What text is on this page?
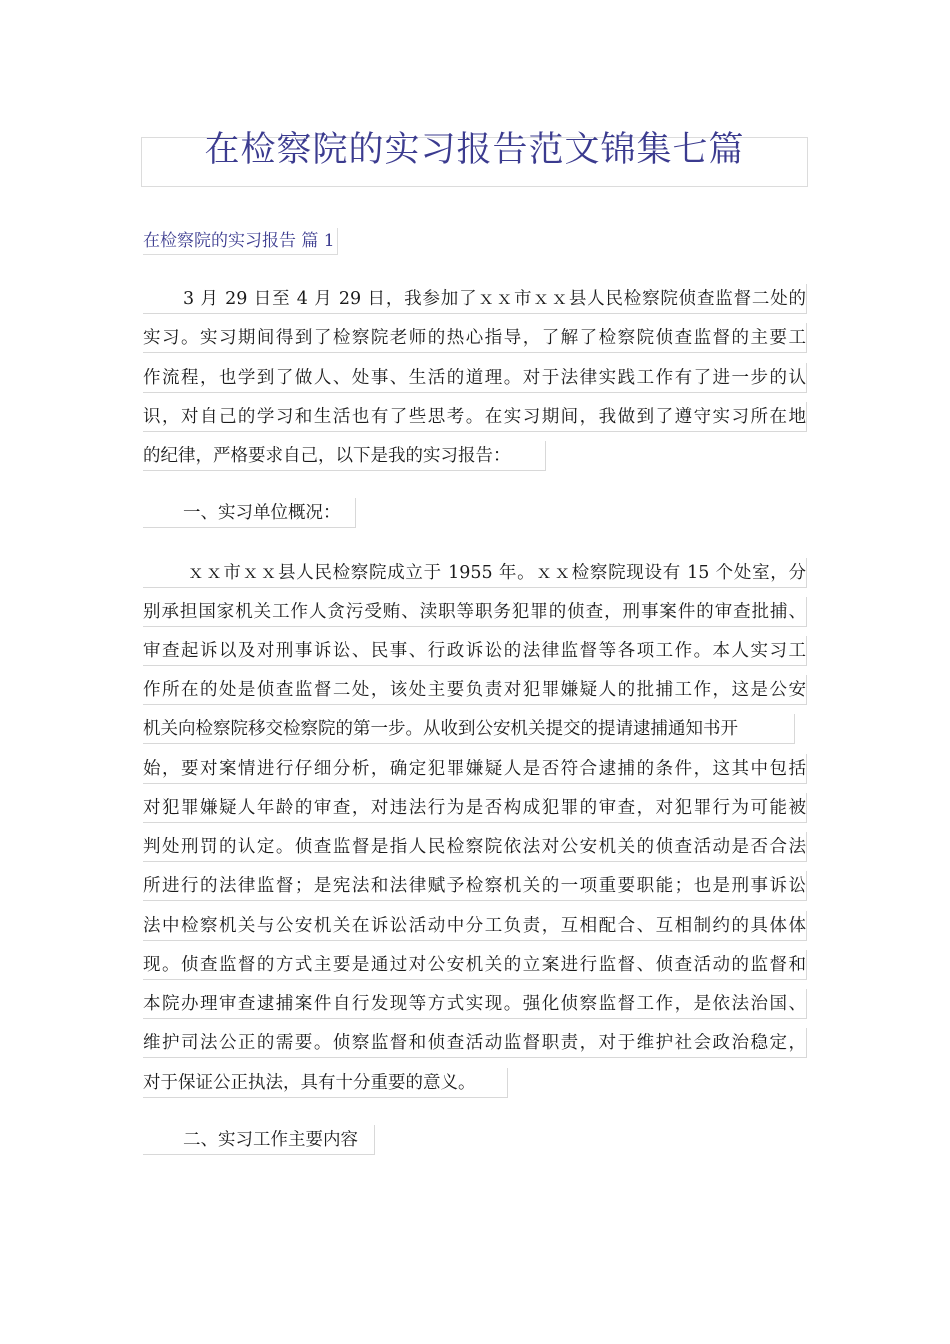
在检察院的实习报告范文锦集七篇
在检察院的实习报告 篇 1
3 月 29 日至 4 月 29 日，我参加了ｘｘ市ｘｘ县人民检察院侦查监督二处的
实习。实习期间得到了检察院老师的热心指导，了解了检察院侦查监督的主要工
作流程，也学到了做人、处事、生活的道理。对于法律实践工作有了进一步的认
识，对自己的学习和生活也有了些思考。在实习期间，我做到了遵守实习所在地
的纪律，严格要求自己，以下是我的实习报告：
一、实习单位概况：
ｘｘ市ｘｘ县人民检察院成立于 1955 年。ｘｘ检察院现设有 15 个处室，分
别承担国家机关工作人贪污受贿、渎职等职务犯罪的侦查，刑事案件的审查批捕、
审查起诉以及对刑事诉讼、民事、行政诉讼的法律监督等各项工作。本人实习工
作所在的处是侦查监督二处，该处主要负责对犯罪嫌疑人的批捕工作，这是公安
机关向检察院移交检察院的第一步。从收到公安机关提交的提请逮捕通知书开
始，要对案情进行仔细分析，确定犯罪嫌疑人是否符合逮捕的条件，这其中包括
对犯罪嫌疑人年龄的审查，对违法行为是否构成犯罪的审查，对犯罪行为可能被
判处刑罚的认定。侦查监督是指人民检察院依法对公安机关的侦查活动是否合法
所进行的法律监督；是宪法和法律赋予检察机关的一项重要职能；也是刑事诉讼
法中检察机关与公安机关在诉讼活动中分工负责，互相配合、互相制约的具体体
现。侦查监督的方式主要是通过对公安机关的立案进行监督、侦查活动的监督和
本院办理审查逮捕案件自行发现等方式实现。强化侦察监督工作，是依法治国、
维护司法公正的需要。侦察监督和侦查活动监督职责，对于维护社会政治稳定，
对于保证公正执法，具有十分重要的意义。
二、实习工作主要内容
